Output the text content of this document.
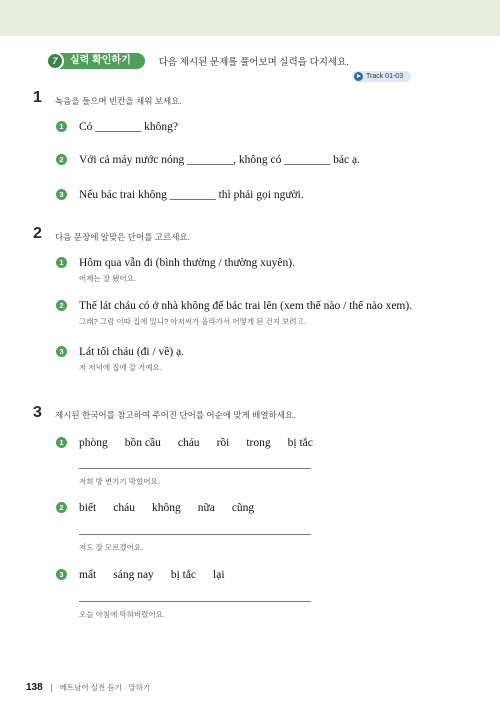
7	실력 확인하기	다음 제시된 문제를 풀어보며 실력을 다지세요.
Track 01-03
1 녹음을 들으며 빈칸을 채워 보세요.
1 Có ________ không?
2 Với cả máy nước nóng ________, không có ________ bác ạ.
3 Nếu bác trai không ________ thì phải gọi người.
2 다음 문장에 알맞은 단어를 고르세요.
1 Hôm qua vẫn đi (bình thường / thường xuyên).
어제는 잘 됐어요.
2 Thế lát cháu có ở nhà không để bác trai lên (xem thế nào / thế nào xem).
그래? 그럼 이따 집에 있니? 아저씨가 올라가서 어떻게 된 건지 보려고.
3 Lát tối cháu (đi / về) ạ.
저 저녁에 집에 갈 거예요.
3 제시된 한국어를 참고하여 주어진 단어를 어순에 맞게 배열하세요.
1 phòng bồn cầu cháu rồi trong bị tắc
저희 방 변기기 막혔어요.
2 biết cháu không nữa cũng
저도 잘 모르겠어요.
3 mất sáng nay bị tắc lại
오늘 아침에 막혀버렸어요.
138 베트남어 실전 듣기 · 말하기
